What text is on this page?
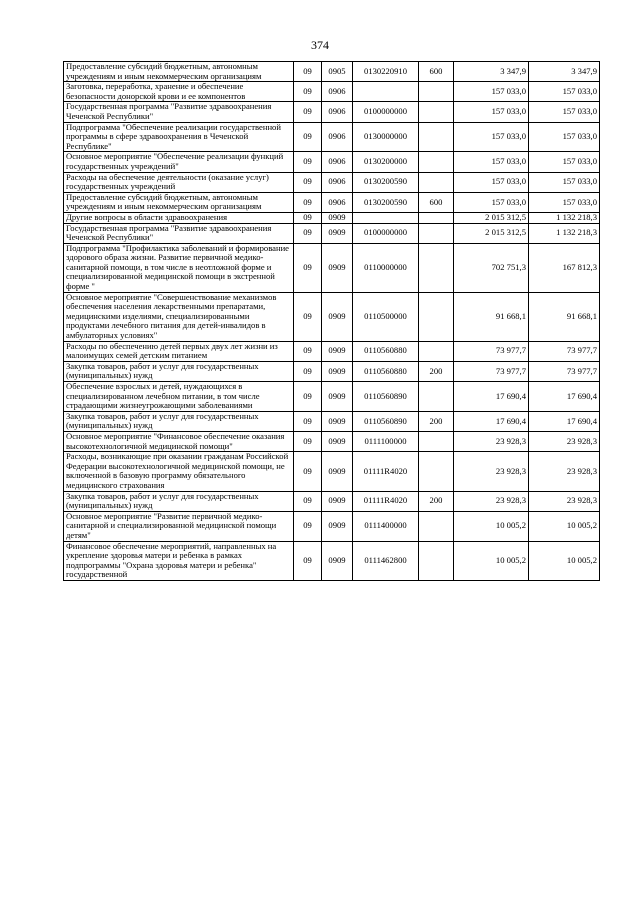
374
Предоставление субсидий бюджетным, автономным учреждениям и иным некоммерческим организациям	09	0905	0130220910	600	3 347,9	3 347,9
Заготовка, переработка, хранение и обеспечение безопасности донорской крови и ее компонентов	09	0906			157 033,0	157 033,0
Государственная программа "Развитие здравоохранения Чеченской Республики"	09	0906	0100000000		157 033,0	157 033,0
Подпрограмма "Обеспечение реализации государственной программы в сфере здравоохранения в Чеченской Республике"	09	0906	0130000000		157 033,0	157 033,0
Основное мероприятие "Обеспечение реализации функций государственных учреждений"	09	0906	0130200000		157 033,0	157 033,0
Расходы на обеспечение деятельности (оказание услуг) государственных учреждений	09	0906	0130200590		157 033,0	157 033,0
Предоставление субсидий бюджетным, автономным учреждениям и иным некоммерческим организациям	09	0906	0130200590	600	157 033,0	157 033,0
Другие вопросы в области здравоохранения	09	0909			2 015 312,5	1 132 218,3
Государственная программа "Развитие здравоохранения Чеченской Республики"	09	0909	0100000000		2 015 312,5	1 132 218,3
Подпрограмма "Профилактика заболеваний и формирование здорового образа жизни. Развитие первичной медико-санитарной помощи, в том числе в неотложной форме и специализированной медицинской помощи в экстренной форме "	09	0909	0110000000		702 751,3	167 812,3
Основное мероприятие "Совершенствование механизмов обеспечения населения лекарственными препаратами, медицинскими изделиями, специализированными продуктами лечебного питания для детей-инвалидов в амбулаторных условиях"	09	0909	0110500000		91 668,1	91 668,1
Расходы по обеспечению детей первых двух лет жизни из малоимущих семей детским питанием	09	0909	0110560880		73 977,7	73 977,7
Закупка товаров, работ и услуг для государственных (муниципальных) нужд	09	0909	0110560880	200	73 977,7	73 977,7
Обеспечение взрослых и детей, нуждающихся в специализированном лечебном питании, в том числе страдающими жизнеугрожающими заболеваниями	09	0909	0110560890		17 690,4	17 690,4
Закупка товаров, работ и услуг для государственных (муниципальных) нужд	09	0909	0110560890	200	17 690,4	17 690,4
Основное мероприятие "Финансовое обеспечение оказания высокотехнологичной медицинской помощи"	09	0909	0111100000		23 928,3	23 928,3
Расходы, возникающие при оказании гражданам Российской Федерации высокотехнологичной медицинской помощи, не включенной в базовую программу обязательного медицинского страхования	09	0909	01111R4020		23 928,3	23 928,3
Закупка товаров, работ и услуг для государственных (муниципальных) нужд	09	0909	01111R4020	200	23 928,3	23 928,3
Основное мероприятие "Развитие первичной медико-санитарной и специализированной медицинской помощи детям"	09	0909	0111400000		10 005,2	10 005,2
Финансовое обеспечение мероприятий, направленных на укрепление здоровья матери и ребенка в рамках подпрограммы "Охрана здоровья матери и ребенка" государственной	09	0909	0111462800		10 005,2	10 005,2
